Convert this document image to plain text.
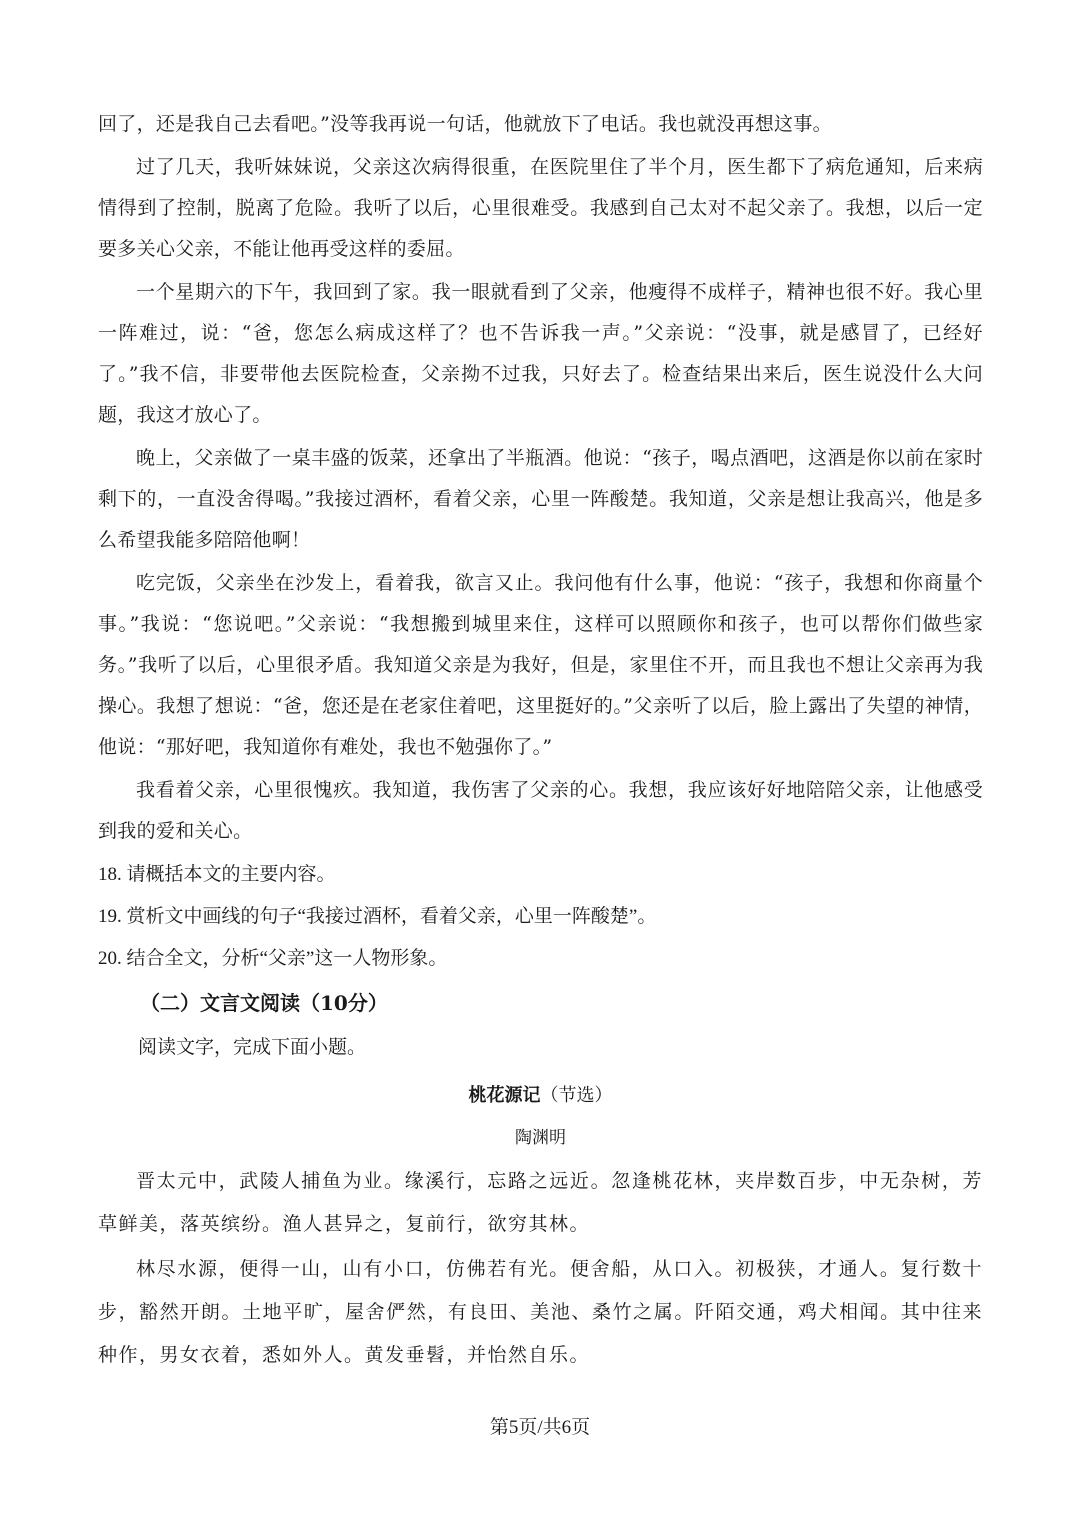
回了，还是我自己去看吧。”没等我再说一句话，他就放下了电话。我也就没再想这事。

过了几天，我听妹妹说，父亲这次病得很重，在医院里住了半个月，医生都下了病危通知，后来病情得到了控制，脱离了危险。我听了以后，心里很难受。我感到自己太对不起父亲了。我想，以后一定要多关心父亲，不能让他再受这样的委屈。

一个星期六的下午，我回到了家。我一眼就看到了父亲，他瘦得不成样子，精神也很不好。我心里一阵难过，说：“爸，您怎么病成这样了？也不告诉我一声。”父亲说：“没事，就是感冒了，已经好了。”我不信，非要带他去医院检查，父亲拗不过我，只好去了。检查结果出来后，医生说没什么大问题，我这才放心了。

晚上，父亲做了一桌丰盛的饭菜，还拿出了半瓶酒。他说：“孩子，喝点酒吧，这酒是你以前在家时剩下的，一直没舍得喝。”我接过酒杯，看着父亲，心里一阵酸楚。我知道，父亲是想让我高兴，他是多么希望我能多陪陪他啊！

吃完饭，父亲坐在沙发上，看着我，欲言又止。我问他有什么事，他说：“孩子，我想和你商量个事。”我说：“您说吧。”父亲说：“我想搬到城里来住，这样可以照顾你和孩子，也可以帮你们做些家务。”我听了以后，心里很矛盾。我知道父亲是为我好，但是，家里住不开，而且我也不想让父亲再为我操心。我想了想说：“爸，您还是在老家住着吧，这里挺好的。”父亲听了以后，脸上露出了失望的神情，他说：“那好吧，我知道你有难处，我也不勉强你了。”

我看着父亲，心里很愧疚。我知道，我伤害了父亲的心。我想，我应该好好地陪陪父亲，让他感受到我的爱和关心。

18. 请概括本文的主要内容。

19. 赏析文中画线的句子“我接过酒杯，看着父亲，心里一阵酸楚”。

20. 结合全文，分析“父亲”这一人物形象。

（二）文言文阅读（10分）

阅读文字，完成下面小题。

桃花源记（节选）

陶渊明

晋太元中，武陵人捕鱼为业。缘溪行，忘路之远近。忽逢桃花林，夹岸数百步，中无杂树，芳草鲜美，落英缤纷。渔人甚异之，复前行，欲穷其林。

林尽水源，便得一山，山有小口，仿佛若有光。便舍船，从口入。初极狭，才通人。复行数十步，豁然开朗。土地平旷，屋舍俨然，有良田、美池、桑竹之属。阡陌交通，鸡犬相闻。其中往来种作，男女衣着，悉如外人。黄发垂髫，并怡然自乐。

第5页/共6页
